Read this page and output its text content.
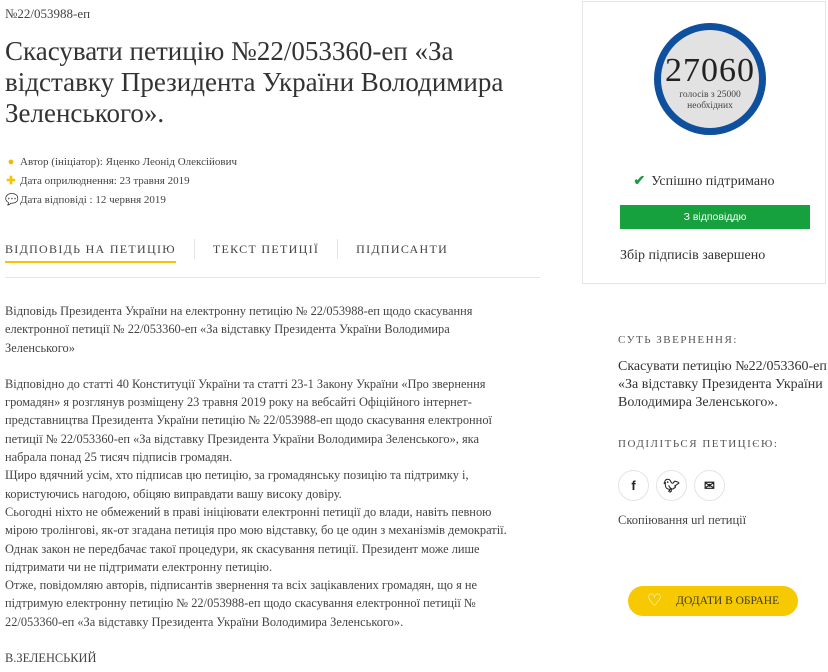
№22/053988-еп
Скасувати петицію №22/053360-еп «За відставку Президента України Володимира Зеленського».
● Автор (ініціатор): Яценко Леонід Олексійович
✚ Дата оприлюднення: 23 травня 2019
💬 Дата відповіді : 12 червня 2019
ВІДПОВІДЬ НА ПЕТИЦІЮ	ТЕКСТ ПЕТИЦІЇ	ПІДПИСАНТИ
Відповідь Президента України на електронну петицію № 22/053988-еп щодо скасування
електронної петиції № 22/053360-еп «За відставку Президента України Володимира
Зеленського»
Відповідно до статті 40 Конституції України та статті 23-1 Закону України «Про звернення
громадян» я розглянув розміщену 23 травня 2019 року на вебсайті Офіційного інтернет-
представництва Президента України петицію № 22/053988-еп щодо скасування електронної
петиції № 22/053360-еп «За відставку Президента України Володимира Зеленського», яка
набрала понад 25 тисяч підписів громадян.
Щиро вдячний усім, хто підписав цю петицію, за громадянську позицію та підтримку і,
користуючись нагодою, обіцяю виправдати вашу високу довіру.
Сьогодні ніхто не обмежений в праві ініціювати електронні петиції до влади, навіть певною
мірою тролінгові, як-от згадана петиція про мою відставку, бо це один з механізмів демократії.
Однак закон не передбачає такої процедури, як скасування петиції. Президент може лише
підтримати чи не підтримати електронну петицію.
Отже, повідомляю авторів, підписантів звернення та всіх зацікавлених громадян, що я не
підтримую електронну петицію № 22/053988-еп щодо скасування електронної петиції №
22/053360-еп «За відставку Президента України Володимира Зеленського».
В.ЗЕЛЕНСЬКИЙ
27060
голосів з 25000
необхідних
✔ Успішно підтримано
З відповіддю
Збір підписів завершено
СУТЬ ЗВЕРНЕННЯ:
Скасувати петицію №22/053360-еп
«За відставку Президента України
Володимира Зеленського».
ПОДІЛІТЬСЯ ПЕТИЦІЄЮ:
f 🐦︎ ✉
Скопіювання url петиції
♡ ДОДАТИ В ОБРАНЕ
